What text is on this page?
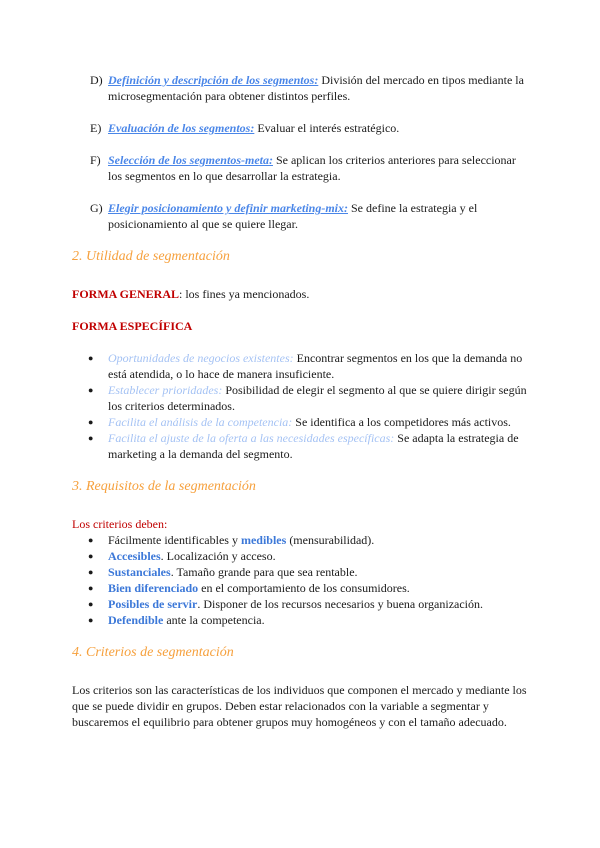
D) Definición y descripción de los segmentos: División del mercado en tipos mediante la microsegmentación para obtener distintos perfiles.
E) Evaluación de los segmentos: Evaluar el interés estratégico.
F) Selección de los segmentos-meta: Se aplican los criterios anteriores para seleccionar los segmentos en lo que desarrollar la estrategia.
G) Elegir posicionamiento y definir marketing-mix: Se define la estrategia y el posicionamiento al que se quiere llegar.
2. Utilidad de segmentación

FORMA GENERAL: los fines ya mencionados.

FORMA ESPECÍFICA

●	Oportunidades de negocios existentes: Encontrar segmentos en los que la demanda no está atendida, o lo hace de manera insuficiente.
●	Establecer prioridades: Posibilidad de elegir el segmento al que se quiere dirigir según los criterios determinados.
●	Facilita el análisis de la competencia: Se identifica a los competidores más activos.
●	Facilita el ajuste de la oferta a las necesidades específicas: Se adapta la estrategia de marketing a la demanda del segmento.
3. Requisitos de la segmentación

Los criterios deben:

●	Fácilmente identificables y medibles (mensurabilidad).
●	Accesibles. Localización y acceso.
●	Sustanciales. Tamaño grande para que sea rentable.
●	Bien diferenciado en el comportamiento de los consumidores.
●	Posibles de servir. Disponer de los recursos necesarios y buena organización.
●	Defendible ante la competencia.
4. Criterios de segmentación

Los criterios son las características de los individuos que componen el mercado y mediante los que se puede dividir en grupos. Deben estar relacionados con la variable a segmentar y buscaremos el equilibrio para obtener grupos muy homogéneos y con el tamaño adecuado.
